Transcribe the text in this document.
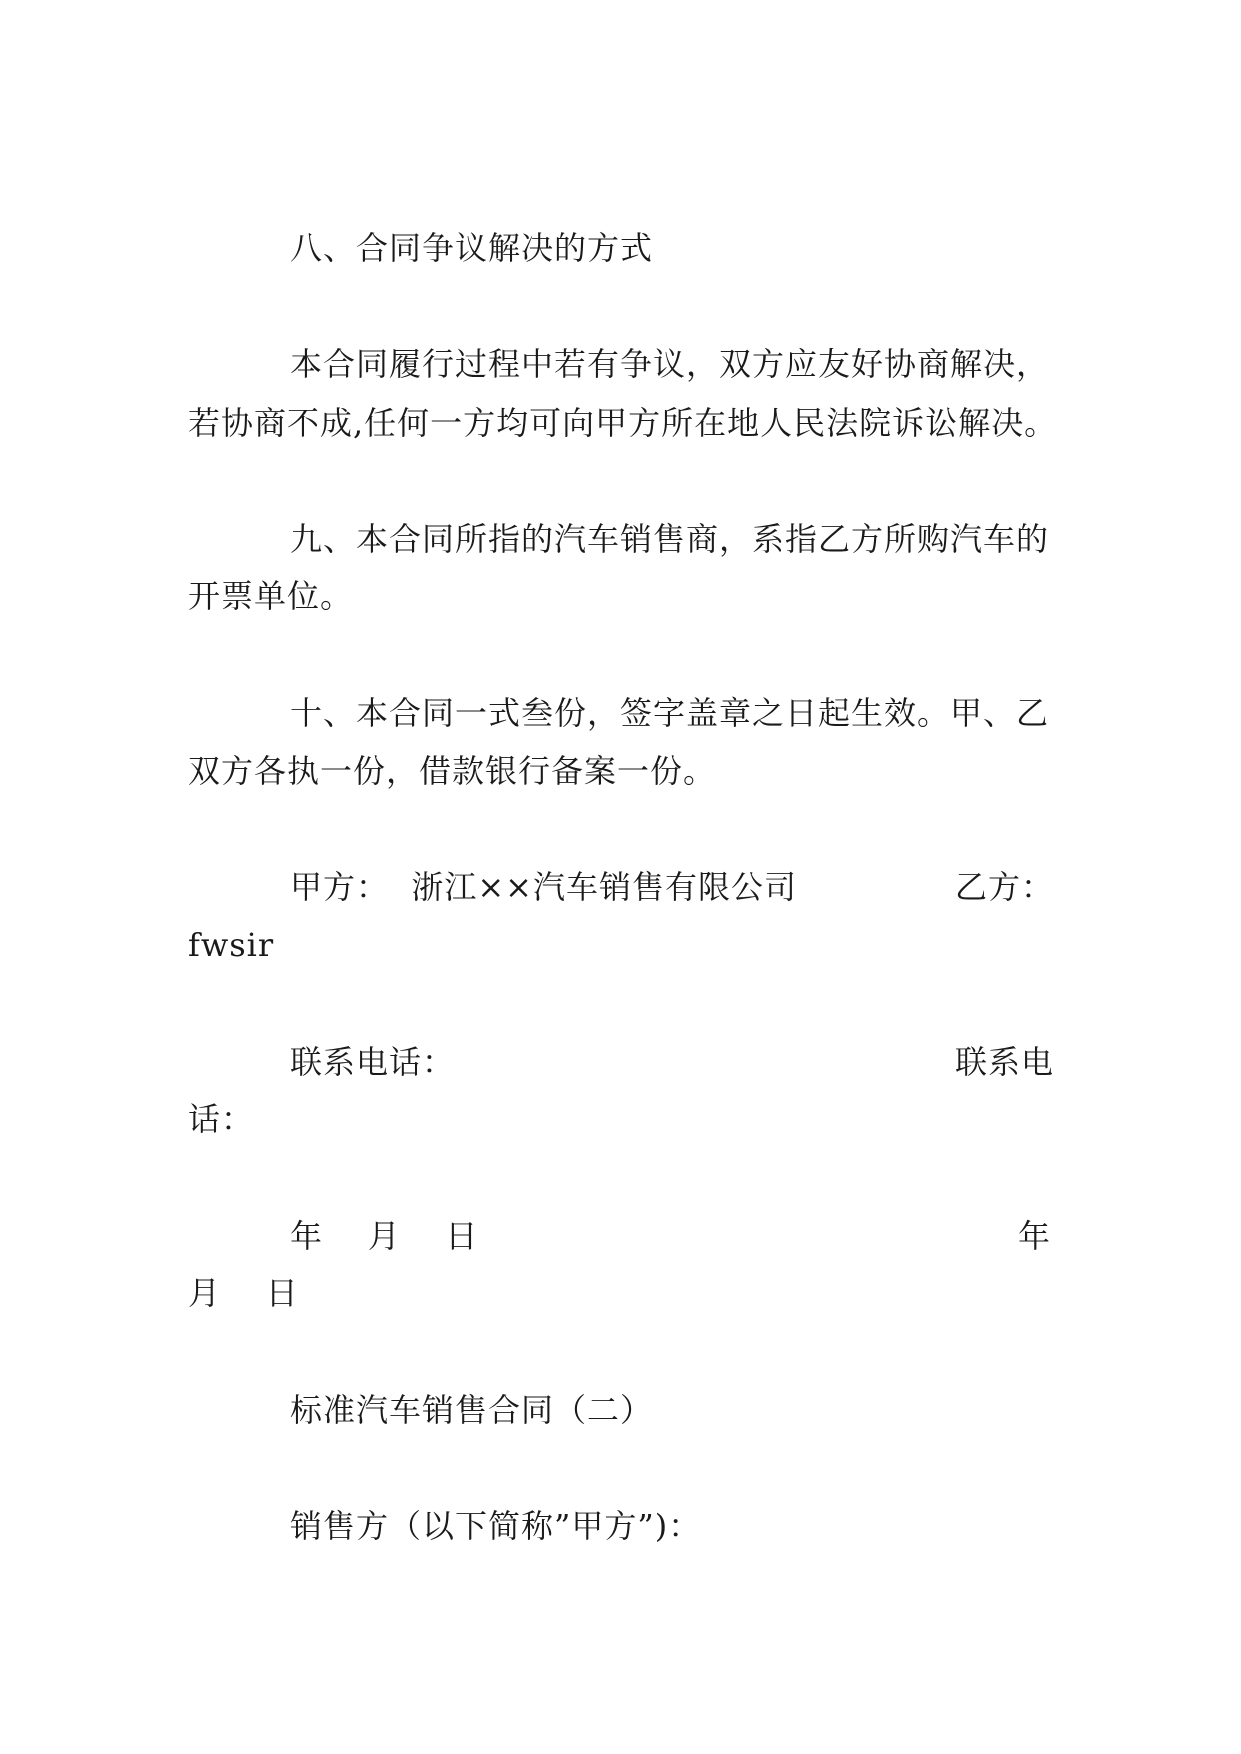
八、合同争议解决的方式
本合同履行过程中若有争议，双方应友好协商解决，
若协商不成,任何一方均可向甲方所在地人民法院诉讼解决。
九、本合同所指的汽车销售商，系指乙方所购汽车的
开票单位。
十、本合同一式叁份，签字盖章之日起生效。甲、乙
双方各执一份，借款银行备案一份。
甲方：  浙江××汽车销售有限公司	乙方：
fwsir
联系电话：	联系电
话：
年    月    日	年
月    日
标准汽车销售合同（二）
销售方（以下简称”甲方”)：
